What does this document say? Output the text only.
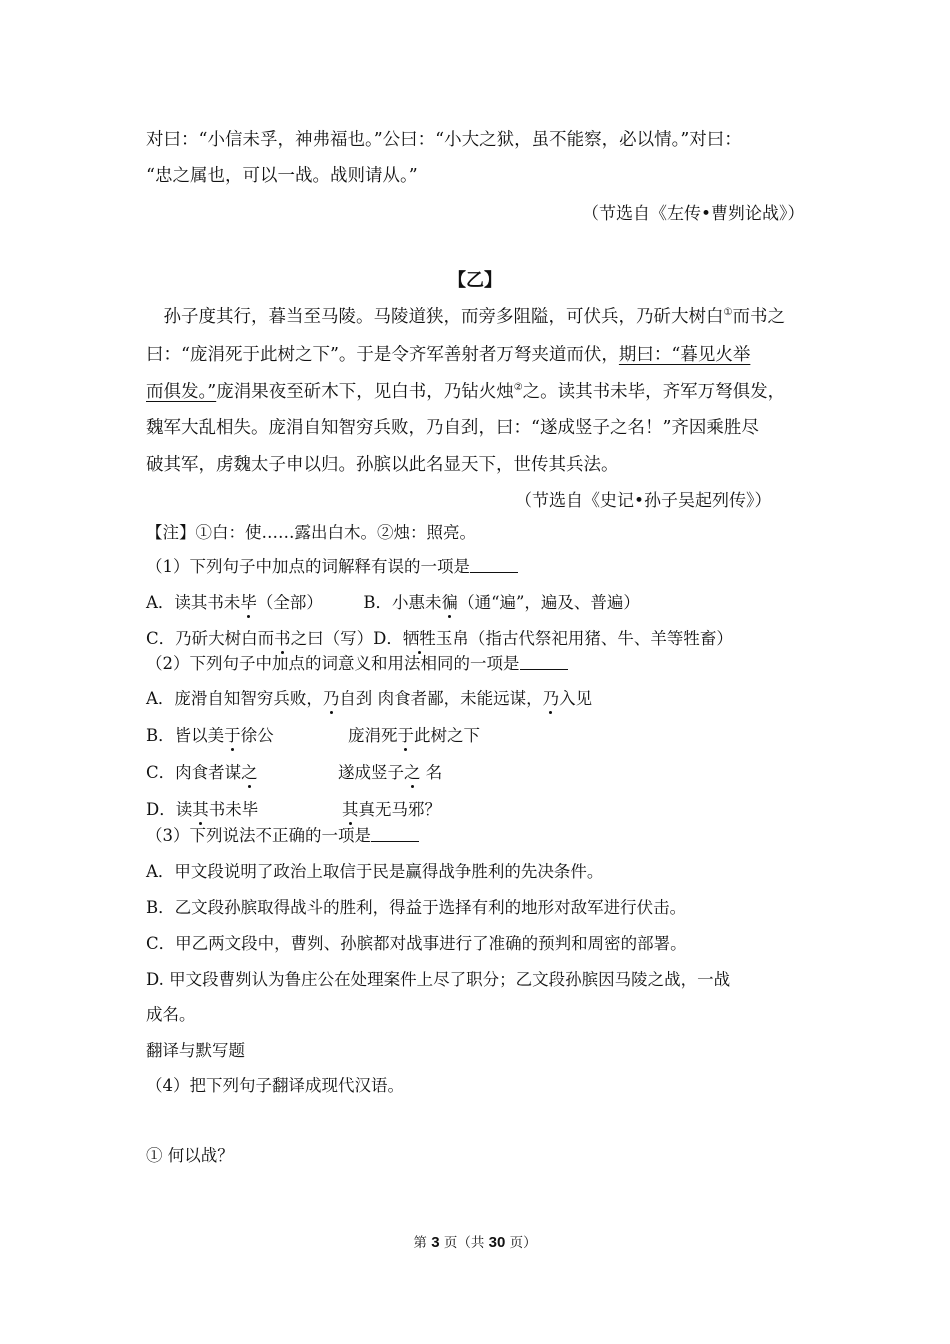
对曰：“小信未孚，神弗福也。”公曰：“小大之狱，虽不能察，必以情。”对曰：
“忠之属也，可以一战。战则请从。”
（节选自《左传•曹刿论战》）
【乙】
　孙子度其行，暮当至马陵。马陵道狭，而旁多阻隘，可伏兵，乃斫大树白①而书之
曰：“庞涓死于此树之下”。于是令齐军善射者万弩夹道而伏，期曰：“暮见火举
而俱发。”庞涓果夜至斫木下，见白书，乃钻火烛②之。读其书未毕，齐军万弩俱发，
魏军大乱相失。庞涓自知智穷兵败，乃自刭，曰：“遂成竖子之名！”齐因乘胜尽
破其军，虏魏太子申以归。孙膑以此名显天下，世传其兵法。
（节选自《史记•孙子吴起列传》）
【注】①白：使……露出白木。②烛：照亮。
（1）下列句子中加点的词解释有误的一项是
A．读其书未毕（全部） B．小惠未徧（通“遍”，遍及、普遍）
C．乃斫大树白而书之曰（写）D．牺牲玉帛（指古代祭祀用猪、牛、羊等牲畜）
（2）下列句子中加点的词意义和用法相同的一项是
A．庞滑自知智穷兵败，乃自刭 肉食者鄙，未能远谋，乃入见
B．皆以美于徐公	庞涓死于此树之下
C．肉食者谋之	遂成竖子之 名
D．读其书未毕	其真无马邪？
（3）下列说法不正确的一项是
A．甲文段说明了政治上取信于民是赢得战争胜利的先决条件。
B．乙文段孙膑取得战斗的胜利，得益于选择有利的地形对敌军进行伏击。
C．甲乙两文段中，曹刿、孙膑都对战事进行了准确的预判和周密的部署。
D. 甲文段曹刿认为鲁庄公在处理案件上尽了职分；乙文段孙膑因马陵之战，一战
成名。
翻译与默写题
（4）把下列句子翻译成现代汉语。
① 何以战？
第 3 页（共 30 页）
